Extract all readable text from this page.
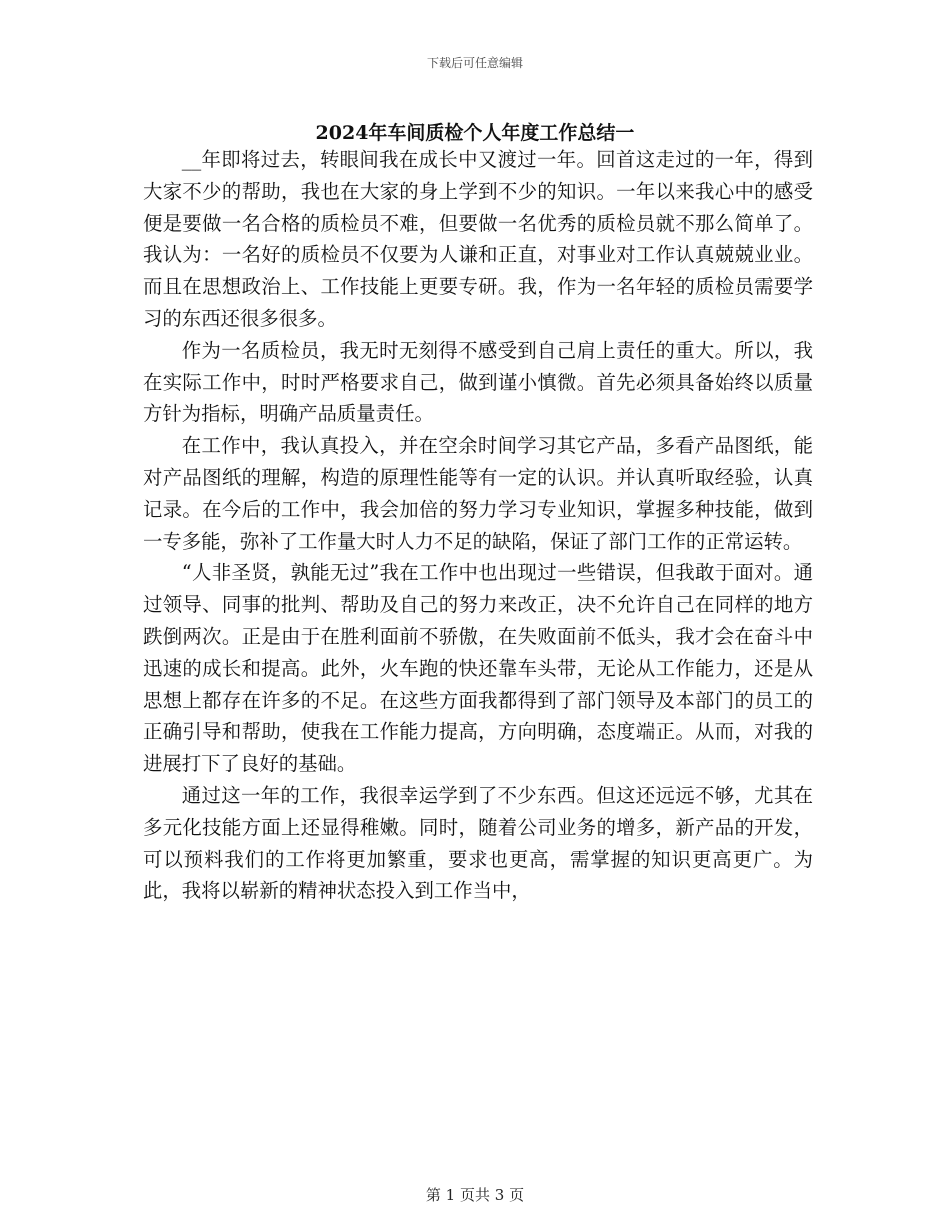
下载后可任意编辑
2024年车间质检个人年度工作总结一

__年即将过去，转眼间我在成长中又渡过一年。回首这走过的一年，得到大家不少的帮助，我也在大家的身上学到不少的知识。一年以来我心中的感受便是要做一名合格的质检员不难，但要做一名优秀的质检员就不那么简单了。我认为：一名好的质检员不仅要为人谦和正直，对事业对工作认真兢兢业业。而且在思想政治上、工作技能上更要专研。我，作为一名年轻的质检员需要学习的东西还很多很多。

作为一名质检员，我无时无刻得不感受到自己肩上责任的重大。所以，我在实际工作中，时时严格要求自己，做到谨小慎微。首先必须具备始终以质量方针为指标，明确产品质量责任。

在工作中，我认真投入，并在空余时间学习其它产品，多看产品图纸，能对产品图纸的理解，构造的原理性能等有一定的认识。并认真听取经验，认真记录。在今后的工作中，我会加倍的努力学习专业知识，掌握多种技能，做到一专多能，弥补了工作量大时人力不足的缺陷，保证了部门工作的正常运转。

“人非圣贤，孰能无过”我在工作中也出现过一些错误，但我敢于面对。通过领导、同事的批判、帮助及自己的努力来改正，决不允许自己在同样的地方跌倒两次。正是由于在胜利面前不骄傲，在失败面前不低头，我才会在奋斗中迅速的成长和提高。此外，火车跑的快还靠车头带，无论从工作能力，还是从思想上都存在许多的不足。在这些方面我都得到了部门领导及本部门的员工的正确引导和帮助，使我在工作能力提高，方向明确，态度端正。从而，对我的进展打下了良好的基础。

通过这一年的工作，我很幸运学到了不少东西。但这还远远不够，尤其在多元化技能方面上还显得稚嫩。同时，随着公司业务的增多，新产品的开发，可以预料我们的工作将更加繁重，要求也更高，需掌握的知识更高更广。为此，我将以崭新的精神状态投入到工作当中，

第 1 页共 3 页
